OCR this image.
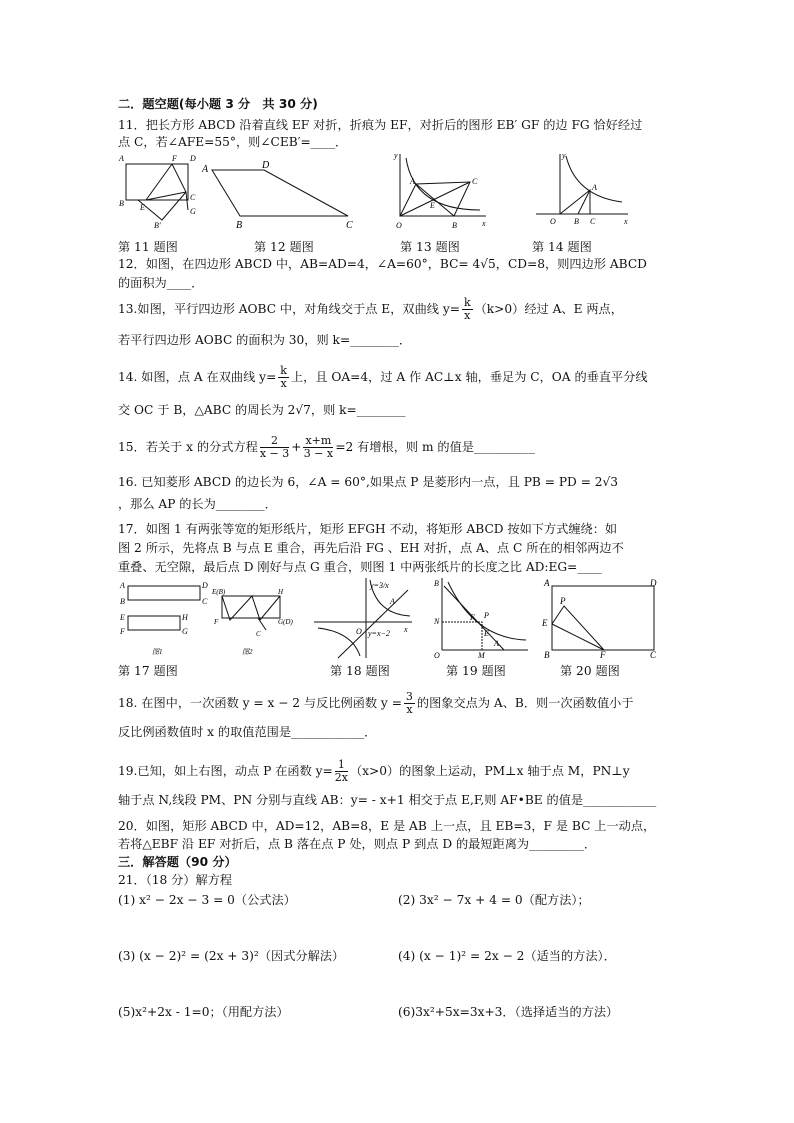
二．题空题(每小题 3 分　共 30 分)
11．把长方形 ABCD 沿着直线 EF 对折，折痕为 EF，对折后的图形 EB′ GF 的边 FG 恰好经过
点 C，若∠AFE=55°，则∠CEB′=____．
A	F D
B E
C
G
B'
A	D
B	C
y
A	C
E
O	B	x
y
A
O B C	x
第 11 题图	第 12 题图	第 13 题图	第 14 题图
12．如图，在四边形 ABCD 中，AB=AD=4，∠A=60°，BC= 4√5，CD=8，则四边形 ABCD
的面积为____．
13.如图，平行四边形 AOBC 中，对角线交于点 E，双曲线 $y= \frac{k}{x} (k>0)$经过 A、E 两点，
若平行四边形 AOBC 的面积为 30，则 k=________．
14. 如图，点 A 在双曲线 $y= \frac{k}{x}$ 上，且 OA=4，过 A 作 AC⊥x 轴，垂足为 C，OA 的垂直平分线
交 OC 于 B，△ABC 的周长为 2√7，则 k=________
15．若关于 x 的分式方程 $\frac{2}{x - 3} + \frac{x+m}{3 - x} =2$ 有增根，则 m 的值是__________
16. 已知菱形 ABCD 的边长为 6，∠A = 60°,如果点 P 是菱形内一点，且 PB = PD = 2√3
，那么 AP 的长为________．
17．如图 1 有两张等宽的矩形纸片，矩形 EFGH 不动，将矩形 ABCD 按如下方式缠绕：如
图 2 所示，先将点 B 与点 E 重合，再先后沿 FG 、EH 对折，点 A、点 C 所在的相邻两边不
重叠、无空隙，最后点 D 刚好与点 G 重合，则图 1 中两张纸片的长度之比 AD:EG=____
A
B
D
C
E
F
H
G
图1
E(B)	H
F	G(D)
C
图2
y=3/x
y=x−2
A
O	x
B
N	F P
E
A
O	M
A	D
E
P
B	F	C
第 17 题图	第 18 题图	第 19 题图	第 20 题图
18. 在图中，一次函数 y = x − 2 与反比例函数 $y = \frac{3}{x}$ 的图象交点为 A、B．则一次函数值小于
反比例函数值时 x 的取值范围是____________．
19.已知，如上右图，动点 P 在函数 $y= \frac{1}{2x} (x>0)$的图象上运动，PM⊥x 轴于点 M，PN⊥y
轴于点 N,线段 PM、PN 分别与直线 AB：y= - x+1 相交于点 E,F,则 AF•BE 的值是____________
20．如图，矩形 ABCD 中，AD=12，AB=8，E 是 AB 上一点，且 EB=3，F 是 BC 上一动点，
若将△EBF 沿 EF 对折后，点 B 落在点 P 处，则点 P 到点 D 的最短距离为_________．
三．解答题（90 分）
21．（18 分）解方程
(1) x² − 2x − 3 = 0（公式法）	(2) 3x² − 7x + 4 = 0（配方法）；
(3) (x − 2)² = (2x + 3)²（因式分解法）	(4) (x − 1)² = 2x − 2（适当的方法）．
(5)x²+2x - 1=0；（用配方法）	(6)3x²+5x=3x+3．（选择适当的方法）
